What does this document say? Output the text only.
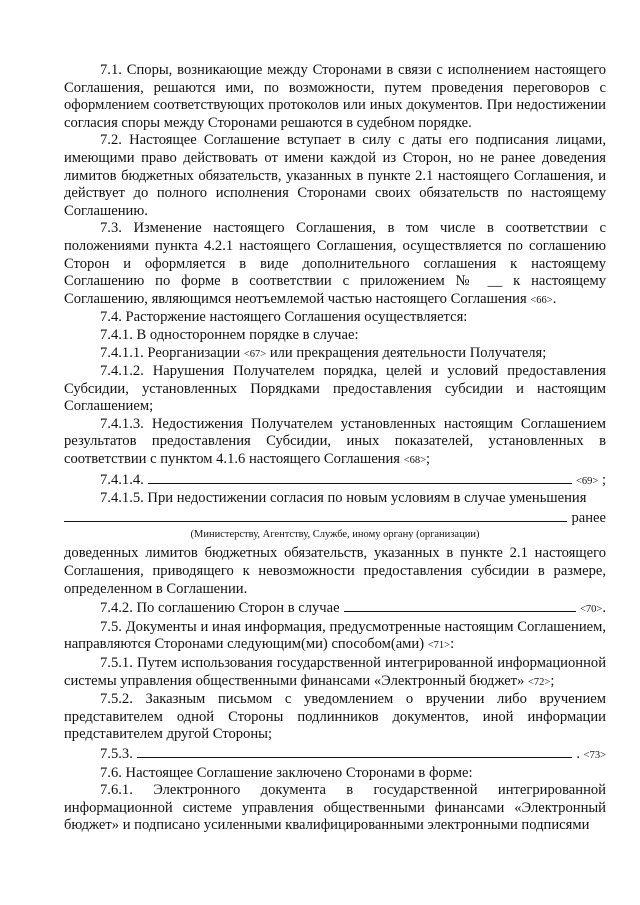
7.1. Споры, возникающие между Сторонами в связи с исполнением настоящего Соглашения, решаются ими, по возможности, путем проведения переговоров с оформлением соответствующих протоколов или иных документов. При недостижении согласия споры между Сторонами решаются в судебном порядке.

7.2. Настоящее Соглашение вступает в силу с даты его подписания лицами, имеющими право действовать от имени каждой из Сторон, но не ранее доведения лимитов бюджетных обязательств, указанных в пункте 2.1 настоящего Соглашения, и действует до полного исполнения Сторонами своих обязательств по настоящему Соглашению.

7.3. Изменение настоящего Соглашения, в том числе в соответствии с положениями пункта 4.2.1 настоящего Соглашения, осуществляется по соглашению Сторон и оформляется в виде дополнительного соглашения к настоящему Соглашению по форме в соответствии с приложением № __ к настоящему Соглашению, являющимся неотъемлемой частью настоящего Соглашения <66>.

7.4. Расторжение настоящего Соглашения осуществляется:

7.4.1. В одностороннем порядке в случае:

7.4.1.1. Реорганизации <67> или прекращения деятельности Получателя;

7.4.1.2. Нарушения Получателем порядка, целей и условий предоставления Субсидии, установленных Порядками предоставления субсидии и настоящим Соглашением;

7.4.1.3. Недостижения Получателем установленных настоящим Соглашением результатов предоставления Субсидии, иных показателей, установленных в соответствии с пунктом 4.1.6 настоящего Соглашения <68>;

7.4.1.4.	<69> ;

7.4.1.5. При недостижении согласия по новым условиям в случае уменьшения

ранее
(Министерству, Агентству, Службе, иному органу (организации)

доведенных лимитов бюджетных обязательств, указанных в пункте 2.1 настоящего Соглашения, приводящего к невозможности предоставления субсидии в размере, определенном в Соглашении.

7.4.2. По соглашению Сторон в случае	<70>.

7.5. Документы и иная информация, предусмотренные настоящим Соглашением, направляются Сторонами следующим(ми) способом(ами) <71>:

7.5.1. Путем использования государственной интегрированной информационной системы управления общественными финансами «Электронный бюджет» <72>;

7.5.2. Заказным письмом с уведомлением о вручении либо вручением представителем одной Стороны подлинников документов, иной информации представителем другой Стороны;

7.5.3.	. <73>

7.6. Настоящее Соглашение заключено Сторонами в форме:

7.6.1. Электронного документа в государственной интегрированной информационной системе управления общественными финансами «Электронный бюджет» и подписано усиленными квалифицированными электронными подписями
